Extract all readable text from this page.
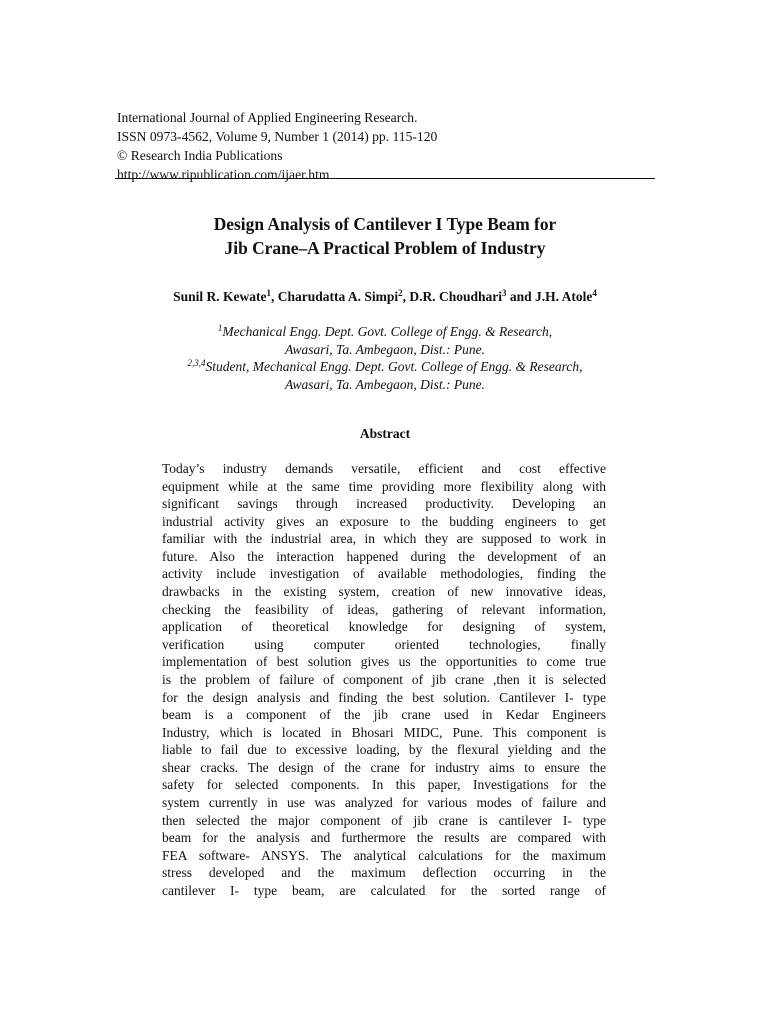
International Journal of Applied Engineering Research.
ISSN 0973-4562, Volume 9, Number 1 (2014) pp. 115-120
© Research India Publications
http://www.ripublication.com/ijaer.htm
Design Analysis of Cantilever I Type Beam for
Jib Crane–A Practical Problem of Industry
Sunil R. Kewate$^1$, Charudatta A. Simpi$^2$, D.R. Choudhari$^3$ and J.H. Atole$^4$
$^1$Mechanical Engg. Dept. Govt. College of Engg. & Research,
Awasari, Ta. Ambegaon, Dist.: Pune.
$^{2,3,4}$Student, Mechanical Engg. Dept. Govt. College of Engg. & Research,
Awasari, Ta. Ambegaon, Dist.: Pune.
Abstract
Today’s industry demands versatile, efficient and cost effective
equipment while at the same time providing more flexibility along with
significant savings through increased productivity. Developing an
industrial activity gives an exposure to the budding engineers to get
familiar with the industrial area, in which they are supposed to work in
future. Also the interaction happened during the development of an
activity include investigation of available methodologies, finding the
drawbacks in the existing system, creation of new innovative ideas,
checking the feasibility of ideas, gathering of relevant information,
application of theoretical knowledge for designing of system,
verification using computer oriented technologies, finally
implementation of best solution gives us the opportunities to come true
is the problem of failure of component of jib crane ,then it is selected
for the design analysis and finding the best solution. Cantilever I- type
beam is a component of the jib crane used in Kedar Engineers
Industry, which is located in Bhosari MIDC, Pune. This component is
liable to fail due to excessive loading, by the flexural yielding and the
shear cracks. The design of the crane for industry aims to ensure the
safety for selected components. In this paper, Investigations for the
system currently in use was analyzed for various modes of failure and
then selected the major component of jib crane is cantilever I- type
beam for the analysis and furthermore the results are compared with
FEA software- ANSYS. The analytical calculations for the maximum
stress developed and the maximum deflection occurring in the
cantilever I- type beam, are calculated for the sorted range of
